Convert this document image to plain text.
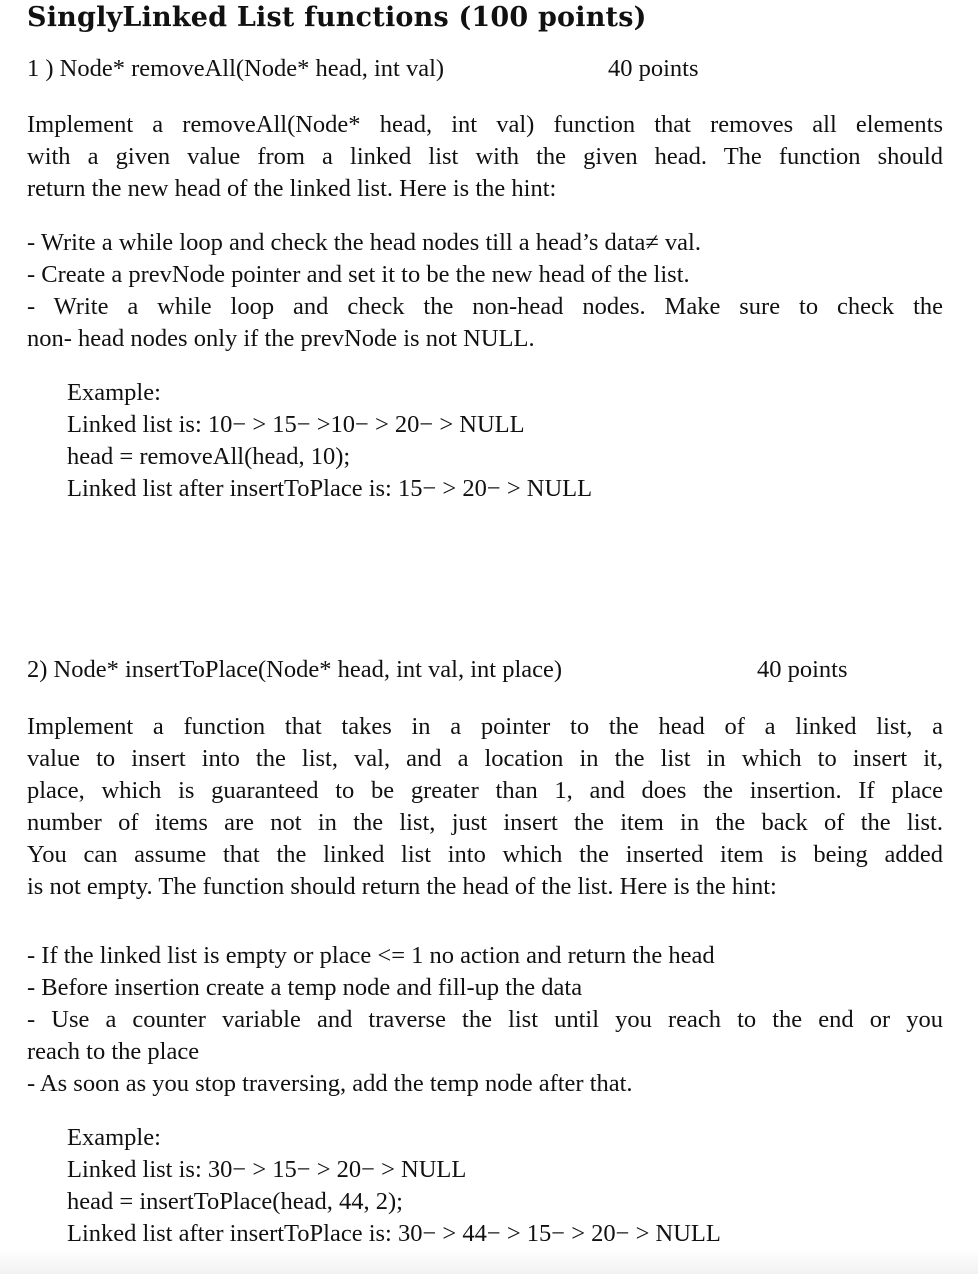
SinglyLinked List functions (100 points)
1 ) Node* removeAll(Node* head, int val)	40 points
Implement a removeAll(Node* head, int val) function that removes all elements
with a given value from a linked list with the given head. The function should
return the new head of the linked list. Here is the hint:
- Write a while loop and check the head nodes till a head’s data≠ val.
- Create a prevNode pointer and set it to be the new head of the list.
- Write a while loop and check the non-head nodes. Make sure to check the
non- head nodes only if the prevNode is not NULL.
Example:
Linked list is: 10− > 15− >10− > 20− > NULL
head = removeAll(head, 10);
Linked list after insertToPlace is: 15− > 20− > NULL
2) Node* insertToPlace(Node* head, int val, int place)	40 points
Implement a function that takes in a pointer to the head of a linked list, a
value to insert into the list, val, and a location in the list in which to insert it,
place, which is guaranteed to be greater than 1, and does the insertion. If place
number of items are not in the list, just insert the item in the back of the list.
You can assume that the linked list into which the inserted item is being added
is not empty. The function should return the head of the list. Here is the hint:
- If the linked list is empty or place <= 1 no action and return the head
- Before insertion create a temp node and fill-up the data
- Use a counter variable and traverse the list until you reach to the end or you
reach to the place
- As soon as you stop traversing, add the temp node after that.
Example:
Linked list is: 30− > 15− > 20− > NULL
head = insertToPlace(head, 44, 2);
Linked list after insertToPlace is: 30− > 44− > 15− > 20− > NULL
